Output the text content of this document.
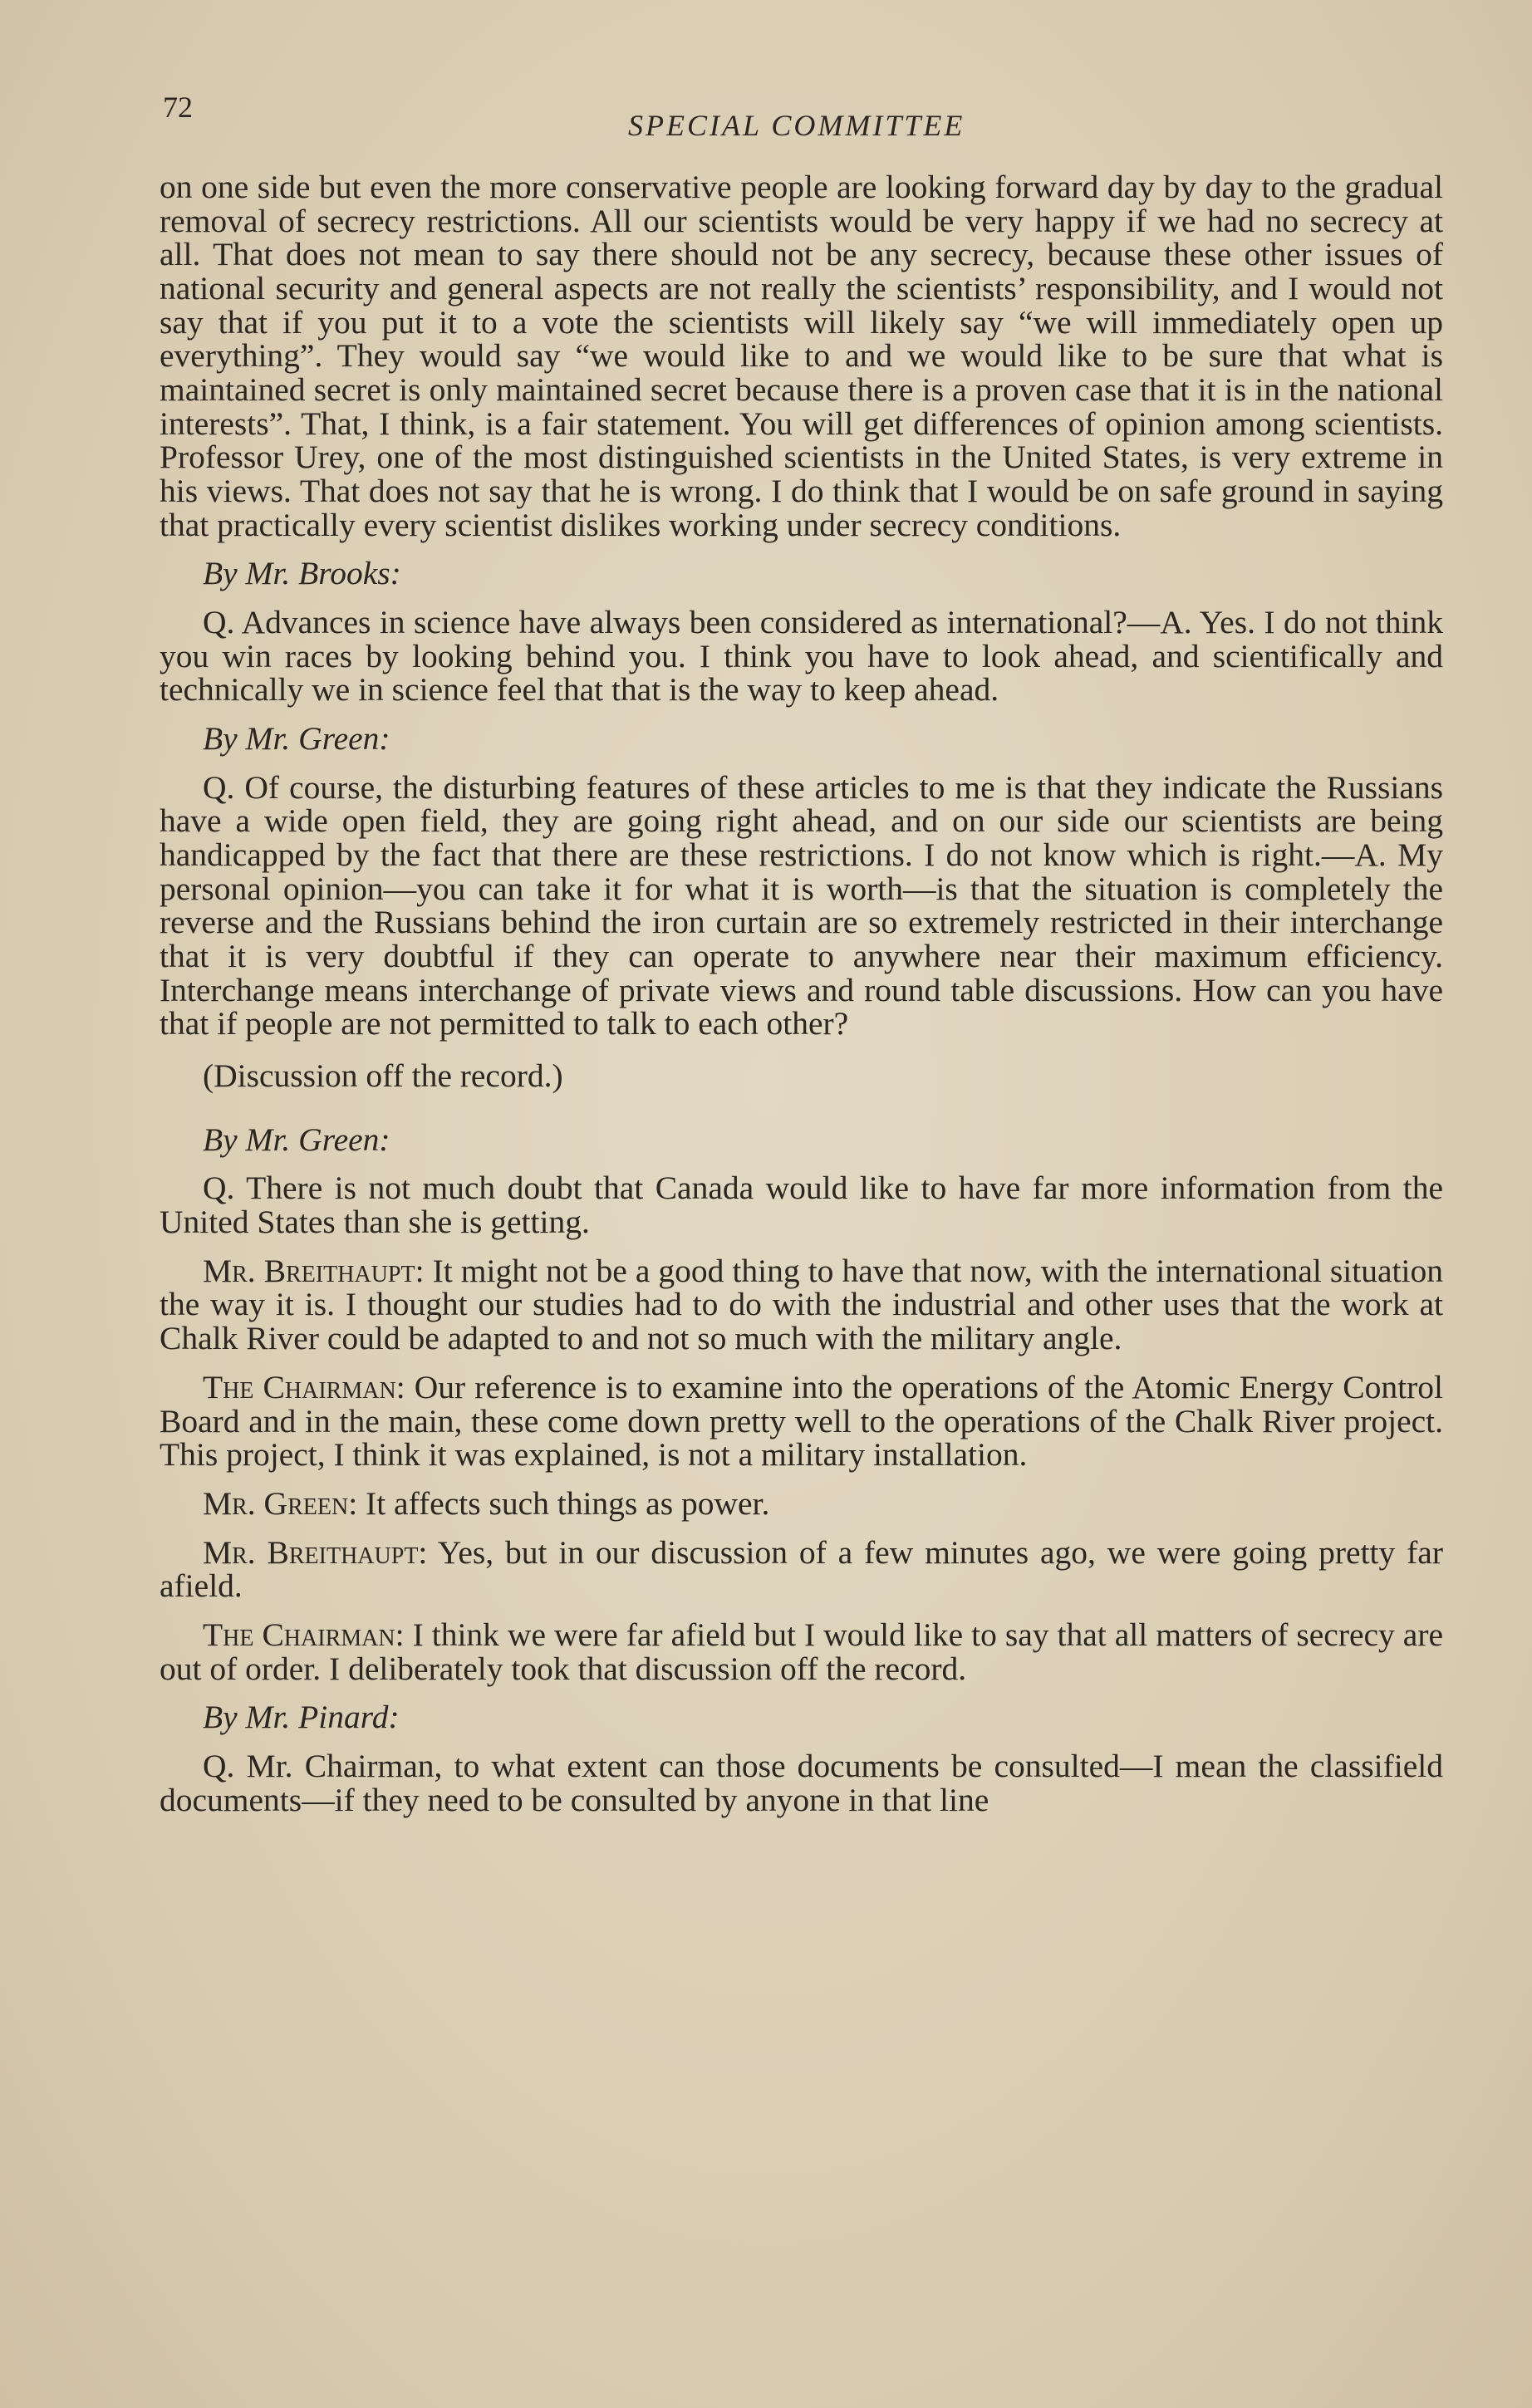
72
SPECIAL COMMITTEE

on one side but even the more conservative people are looking forward day by day to the gradual removal of secrecy restrictions. All our scientists would be very happy if we had no secrecy at all. That does not mean to say there should not be any secrecy, because these other issues of national security and general aspects are not really the scientists’ responsibility, and I would not say that if you put it to a vote the scientists will likely say “we will immediately open up everything”. They would say “we would like to and we would like to be sure that what is maintained secret is only maintained secret because there is a proven case that it is in the national interests”. That, I think, is a fair statement. You will get differences of opinion among scientists. Professor Urey, one of the most distinguished scientists in the United States, is very extreme in his views. That does not say that he is wrong. I do think that I would be on safe ground in saying that practically every scientist dislikes working under secrecy conditions.

By Mr. Brooks:

Q. Advances in science have always been considered as international?—A. Yes. I do not think you win races by looking behind you. I think you have to look ahead, and scientifically and technically we in science feel that that is the way to keep ahead.

By Mr. Green:

Q. Of course, the disturbing features of these articles to me is that they indicate the Russians have a wide open field, they are going right ahead, and on our side our scientists are being handicapped by the fact that there are these restrictions. I do not know which is right.—A. My personal opinion—you can take it for what it is worth—is that the situation is completely the reverse and the Russians behind the iron curtain are so extremely restricted in their interchange that it is very doubtful if they can operate to anywhere near their maximum efficiency. Interchange means interchange of private views and round table discussions. How can you have that if people are not permitted to talk to each other?

(Discussion off the record.)

By Mr. Green:

Q. There is not much doubt that Canada would like to have far more information from the United States than she is getting.

Mr. Breithaupt: It might not be a good thing to have that now, with the international situation the way it is. I thought our studies had to do with the industrial and other uses that the work at Chalk River could be adapted to and not so much with the military angle.

The Chairman: Our reference is to examine into the operations of the Atomic Energy Control Board and in the main, these come down pretty well to the operations of the Chalk River project. This project, I think it was explained, is not a military installation.

Mr. Green: It affects such things as power.

Mr. Breithaupt: Yes, but in our discussion of a few minutes ago, we were going pretty far afield.

The Chairman: I think we were far afield but I would like to say that all matters of secrecy are out of order. I deliberately took that discussion off the record.

By Mr. Pinard:

Q. Mr. Chairman, to what extent can those documents be consulted—I mean the classifield documents—if they need to be consulted by anyone in that line
